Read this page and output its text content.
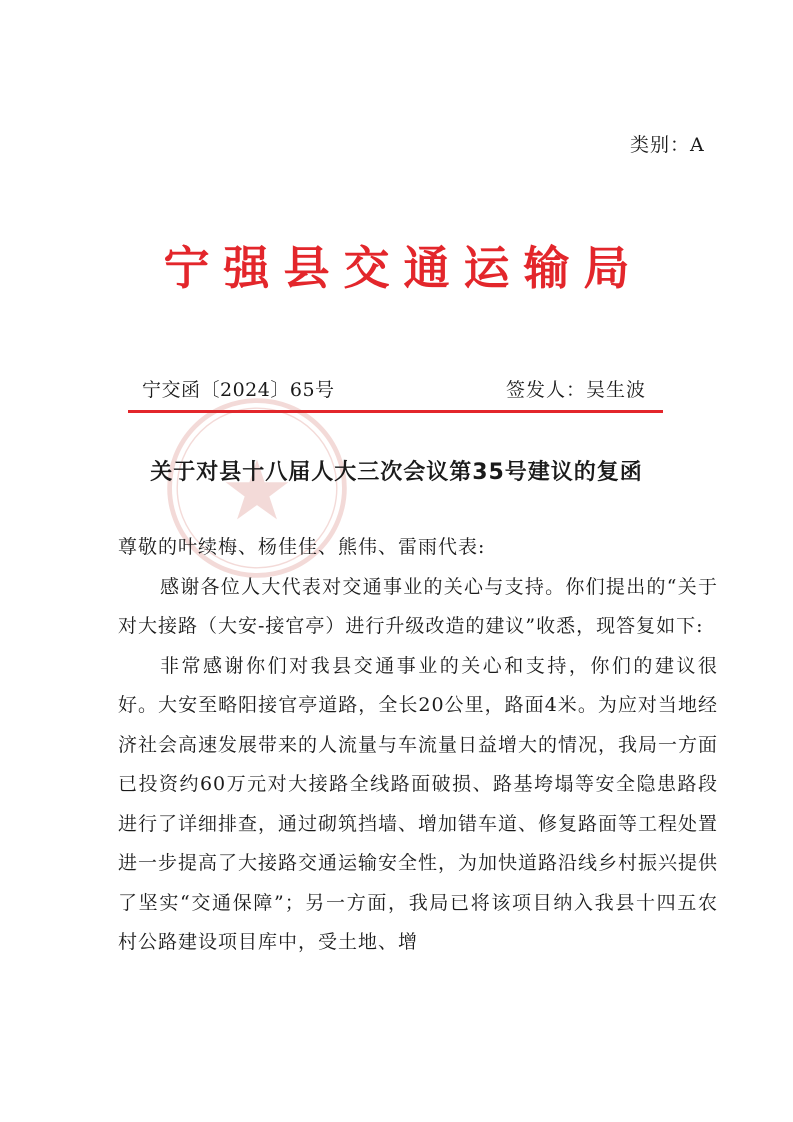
类别：A
宁强县交通运输局
宁交函〔2024〕65号	签发人：吴生波
关于对县十八届人大三次会议第35号建议的复函

尊敬的叶续梅、杨佳佳、熊伟、雷雨代表:

感谢各位人大代表对交通事业的关心与支持。你们提出的“关于对大接路（大安-接官亭）进行升级改造的建议”收悉，现答复如下:

非常感谢你们对我县交通事业的关心和支持，你们的建议很好。大安至略阳接官亭道路，全长20公里，路面4米。为应对当地经济社会高速发展带来的人流量与车流量日益增大的情况，我局一方面已投资约60万元对大接路全线路面破损、路基垮塌等安全隐患路段进行了详细排查，通过砌筑挡墙、增加错车道、修复路面等工程处置进一步提高了大接路交通运输安全性，为加快道路沿线乡村振兴提供了坚实“交通保障”；另一方面，我局已将该项目纳入我县十四五农村公路建设项目库中，受土地、增
